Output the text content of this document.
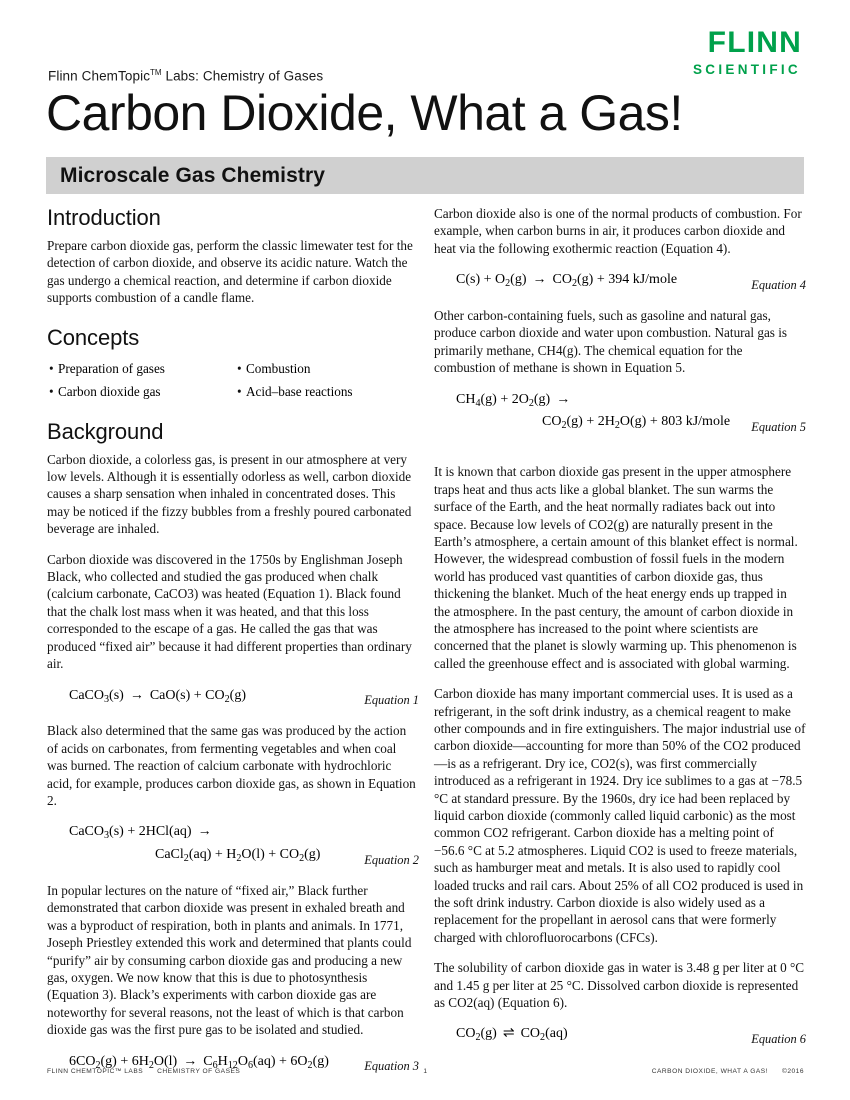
Flinn ChemTopic™ Labs: Chemistry of Gases
Carbon Dioxide, What a Gas!
FLINN
SCIENTIFIC
Microscale Gas Chemistry
Introduction

Prepare carbon dioxide gas, perform the classic limewater test for the detection of carbon dioxide, and observe its acidic nature. Watch the gas undergo a chemical reaction, and determine if carbon dioxide supports combustion of a candle flame.

Concepts
• Preparation of gases
• Carbon dioxide gas
• Combustion
• Acid–base reactions
Background

Carbon dioxide, a colorless gas, is present in our atmosphere at very low levels. Although it is essentially odorless as well, carbon dioxide causes a sharp sensation when inhaled in concentrated doses. This may be noticed if the fizzy bubbles from a freshly poured carbonated beverage are inhaled.

Carbon dioxide was discovered in the 1750s by Englishman Joseph Black, who collected and studied the gas produced when chalk (calcium carbonate, CaCO3) was heated (Equation 1). Black found that the chalk lost mass when it was heated, and that this loss corresponded to the escape of a gas. He called the gas that was produced “fixed air” because it had different properties than ordinary air.

CaCO$_3$(s) → $CaO(s) + CO_2(g)$	Equation 1

Black also determined that the same gas was produced by the action of acids on carbonates, from fermenting vegetables and when coal was burned. The reaction of calcium carbonate with hydrochloric acid, for example, produces carbon dioxide gas, as shown in Equation 2.

CaCO$_3$(s) + 2HCl(aq) →
CaCl$_2$(aq) + $H_2O(l) + CO_2(g)$	Equation 2

In popular lectures on the nature of “fixed air,” Black further demonstrated that carbon dioxide was present in exhaled breath and was a byproduct of respiration, both in plants and animals. In 1771, Joseph Priestley extended this work and determined that plants could “purify” air by consuming carbon dioxide gas and producing a new gas, oxygen. We now know that this is due to photosynthesis (Equation 3). Black’s experiments with carbon dioxide gas are noteworthy for several reasons, not the least of which is that carbon dioxide gas was the first pure gas to be isolated and studied.

$6CO_2(g) + 6H_2O(l) \to C_6H_{12}O_6(aq) + 6O_2(g)$	Equation 3

Carbon dioxide also is one of the normal products of combustion. For example, when carbon burns in air, it produces carbon dioxide and heat via the following exothermic reaction (Equation 4).

$C(s) + O_2(g) \to CO_2(g) + 394$ kJ/mole	Equation 4

Other carbon-containing fuels, such as gasoline and natural gas, produce carbon dioxide and water upon combustion. Natural gas is primarily methane, CH4(g). The chemical equation for the combustion of methane is shown in Equation 5.

$CH_4(g) + 2O_2(g)$ →
$CO_2(g) + 2H_2O(g) + 803$ kJ/mole	Equation 5

It is known that carbon dioxide gas present in the upper atmosphere traps heat and thus acts like a global blanket. The sun warms the surface of the Earth, and the heat normally radiates back out into space. Because low levels of CO2(g) are naturally present in the Earth’s atmosphere, a certain amount of this blanket effect is normal. However, the widespread combustion of fossil fuels in the modern world has produced vast quantities of carbon dioxide gas, thus thickening the blanket. Much of the heat energy ends up trapped in the atmosphere. In the past century, the amount of carbon dioxide in the atmosphere has increased to the point where scientists are concerned that the planet is slowly warming up. This phenomenon is called the greenhouse effect and is associated with global warming.

Carbon dioxide has many important commercial uses. It is used as a refrigerant, in the soft drink industry, as a chemical reagent to make other compounds and in fire extinguishers. The major industrial use of carbon dioxide—accounting for more than 50% of the CO2 produced—is as a refrigerant. Dry ice, CO2(s), was first commercially introduced as a refrigerant in 1924. Dry ice sublimes to a gas at −78.5 °C at standard pressure. By the 1960s, dry ice had been replaced by liquid carbon dioxide (commonly called liquid carbonic) as the most common CO2 refrigerant. Carbon dioxide has a melting point of −56.6 °C at 5.2 atmospheres. Liquid CO2 is used to freeze materials, such as hamburger meat and metals. It is also used to rapidly cool loaded trucks and rail cars. About 25% of all CO2 produced is used in the soft drink industry. Carbon dioxide is also widely used as a replacement for the propellant in aerosol cans that were formerly charged with chlorofluorocarbons (CFCs).

The solubility of carbon dioxide gas in water is 3.48 g per liter at 0 °C and 1.45 g per liter at 25 °C. Dissolved carbon dioxide is represented as CO2(aq) (Equation 6).

$CO_2(g)$ ⇌ $CO_2(aq)$	Equation 6
FLINN CHEMTOPIC™ LABS CHEMISTRY OF GASES	1	CARBON DIOXIDE, WHAT A GAS! ©2016
